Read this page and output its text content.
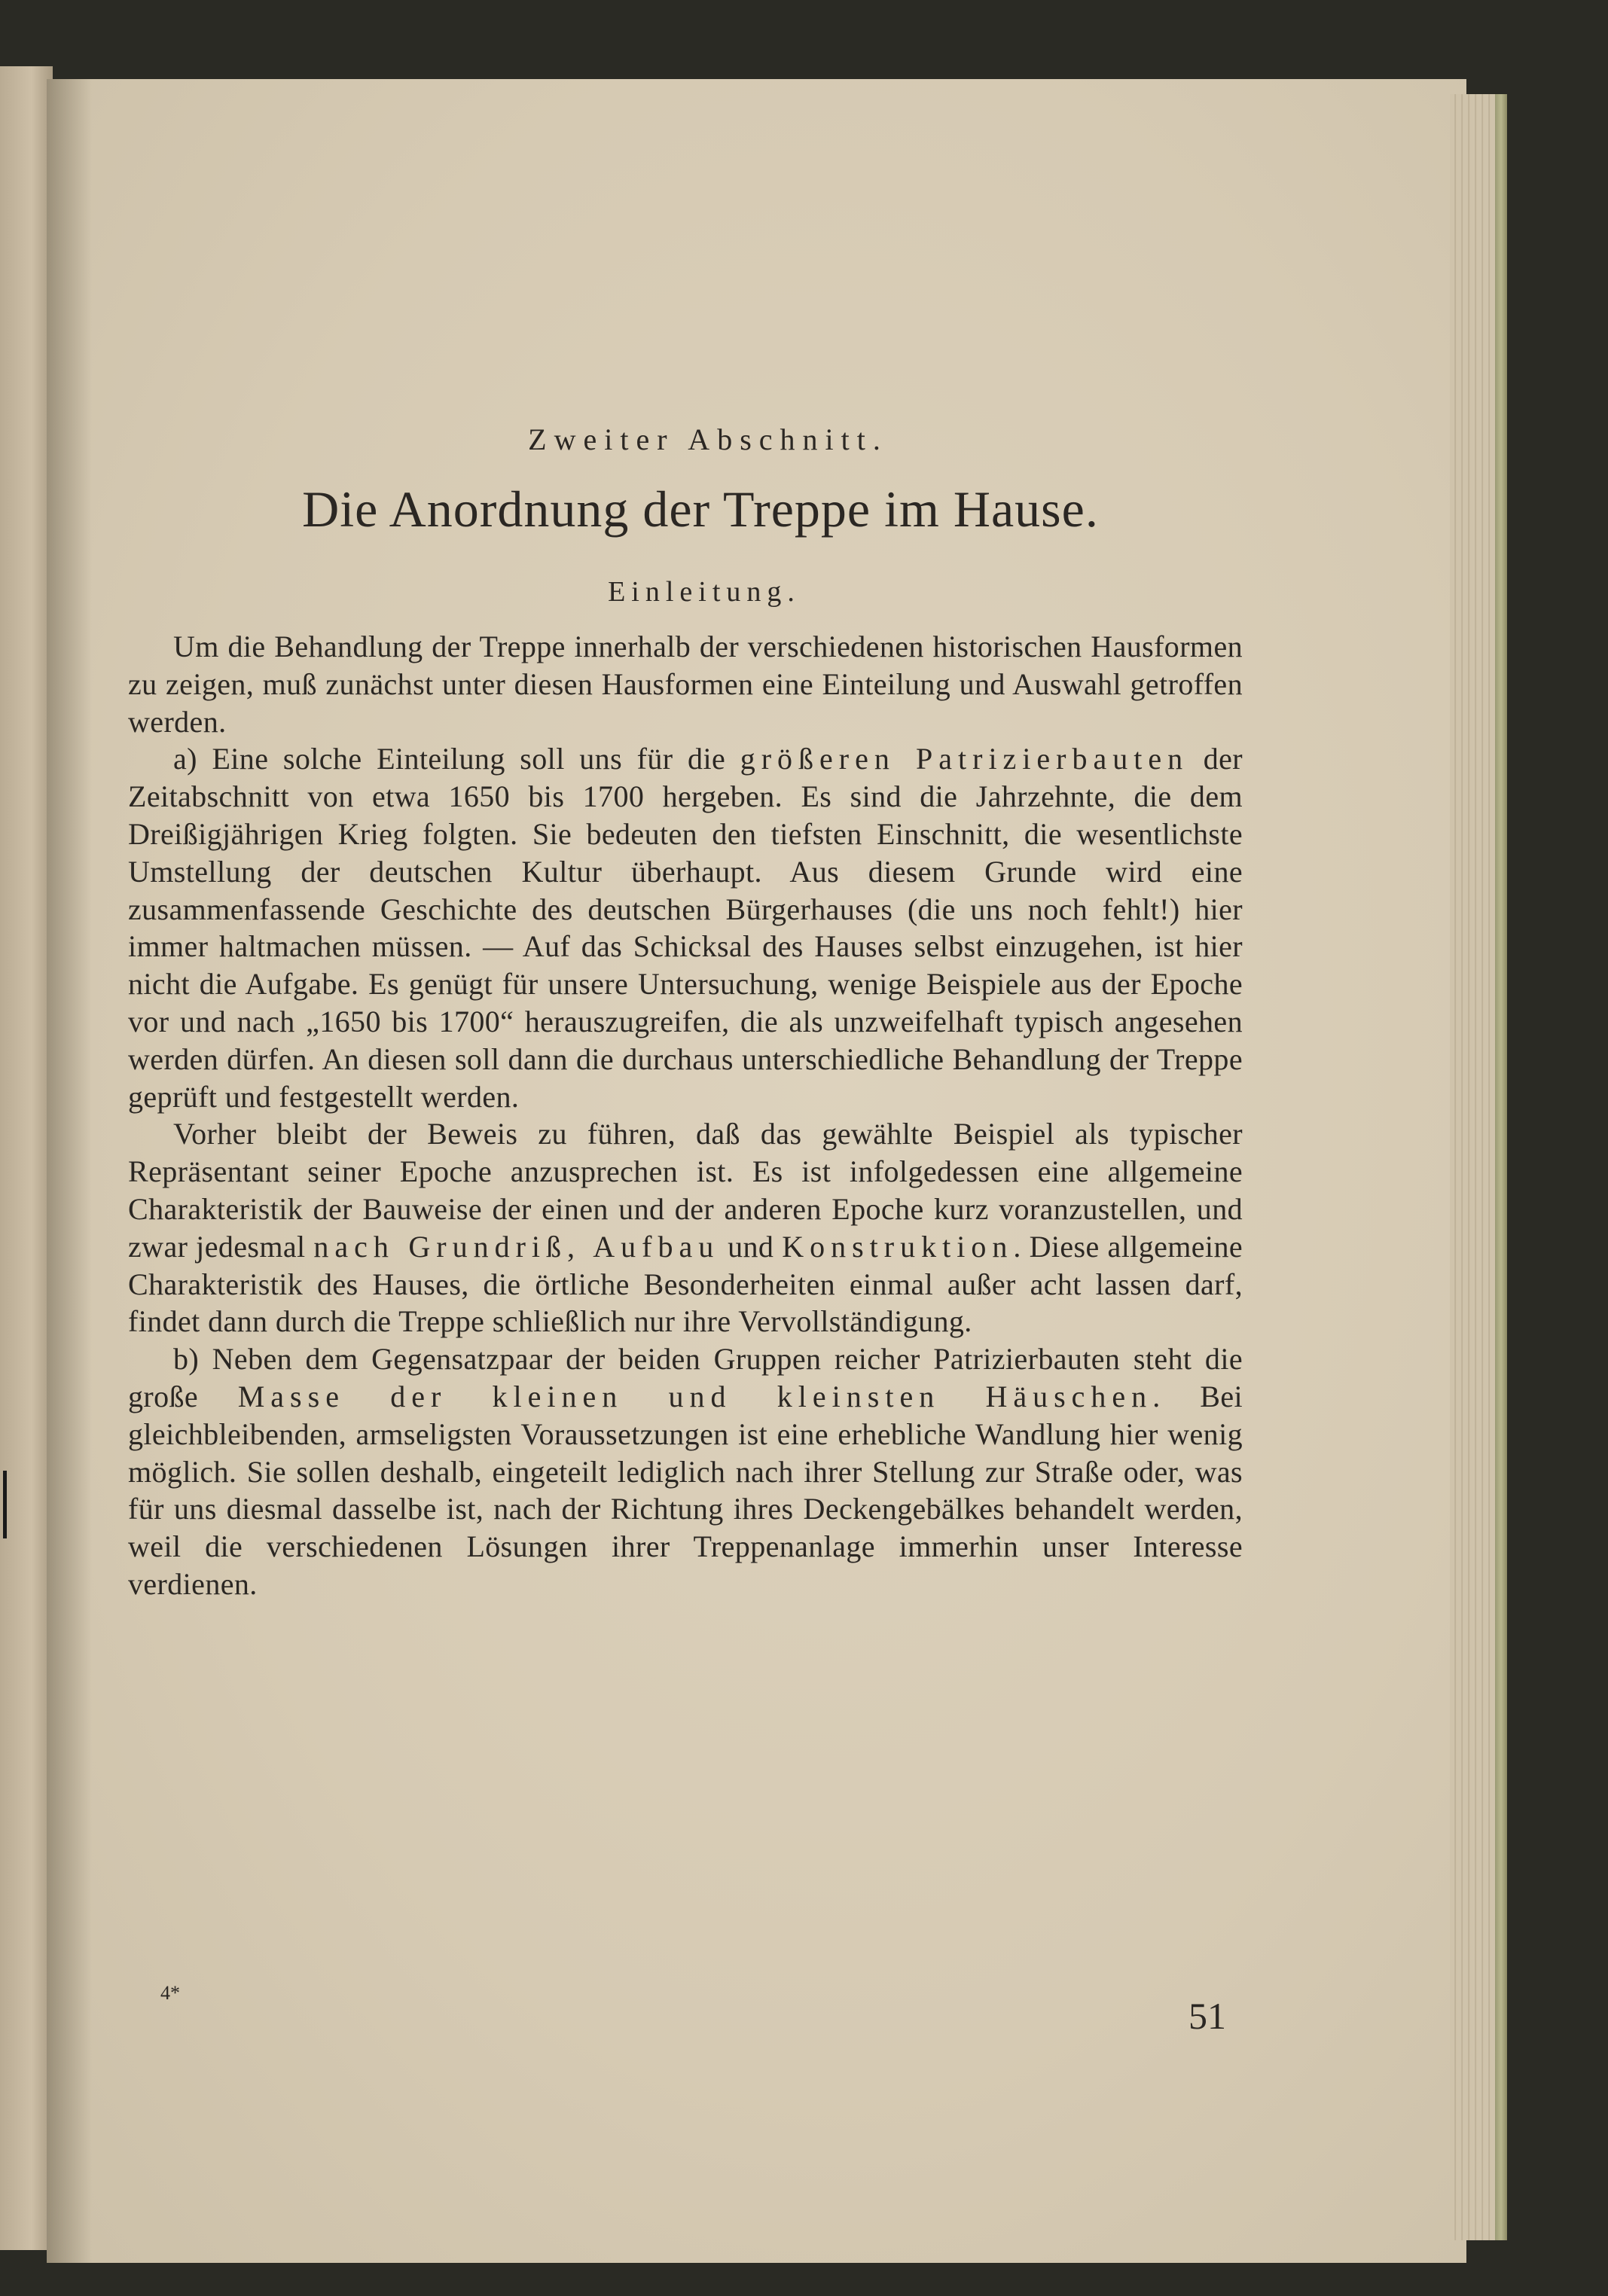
Zweiter Abschnitt.
Die Anordnung der Treppe im Hause.
Einleitung.

Um die Behandlung der Treppe innerhalb der verschiedenen historischen Hausformen zu zeigen, muß zunächst unter diesen Hausformen eine Einteilung und Auswahl getroffen werden.

a) Eine solche Einteilung soll uns für die größeren Patrizierbauten der Zeitabschnitt von etwa 1650 bis 1700 hergeben. Es sind die Jahrzehnte, die dem Dreißigjährigen Krieg folgten. Sie bedeuten den tiefsten Einschnitt, die wesentlichste Umstellung der deutschen Kultur überhaupt. Aus diesem Grunde wird eine zusammenfassende Geschichte des deutschen Bürgerhauses (die uns noch fehlt!) hier immer haltmachen müssen. — Auf das Schicksal des Hauses selbst einzugehen, ist hier nicht die Aufgabe. Es genügt für unsere Untersuchung, wenige Beispiele aus der Epoche vor und nach „1650 bis 1700“ herauszugreifen, die als unzweifelhaft typisch angesehen werden dürfen. An diesen soll dann die durchaus unterschiedliche Behandlung der Treppe geprüft und festgestellt werden.

Vorher bleibt der Beweis zu führen, daß das gewählte Beispiel als typischer Repräsentant seiner Epoche anzusprechen ist. Es ist infolgedessen eine allgemeine Charakteristik der Bauweise der einen und der anderen Epoche kurz voranzustellen, und zwar jedesmal nach Grundriß, Aufbau und Konstruktion. Diese allgemeine Charakteristik des Hauses, die örtliche Besonderheiten einmal außer acht lassen darf, findet dann durch die Treppe schließlich nur ihre Vervollständigung.

b) Neben dem Gegensatzpaar der beiden Gruppen reicher Patrizierbauten steht die große Masse der kleinen und kleinsten Häuschen. Bei gleichbleibenden, armseligsten Voraussetzungen ist eine erhebliche Wandlung hier wenig möglich. Sie sollen deshalb, eingeteilt lediglich nach ihrer Stellung zur Straße oder, was für uns diesmal dasselbe ist, nach der Richtung ihres Deckengebälkes behandelt werden, weil die verschiedenen Lösungen ihrer Treppenanlage immerhin unser Interesse verdienen.

4*
51
